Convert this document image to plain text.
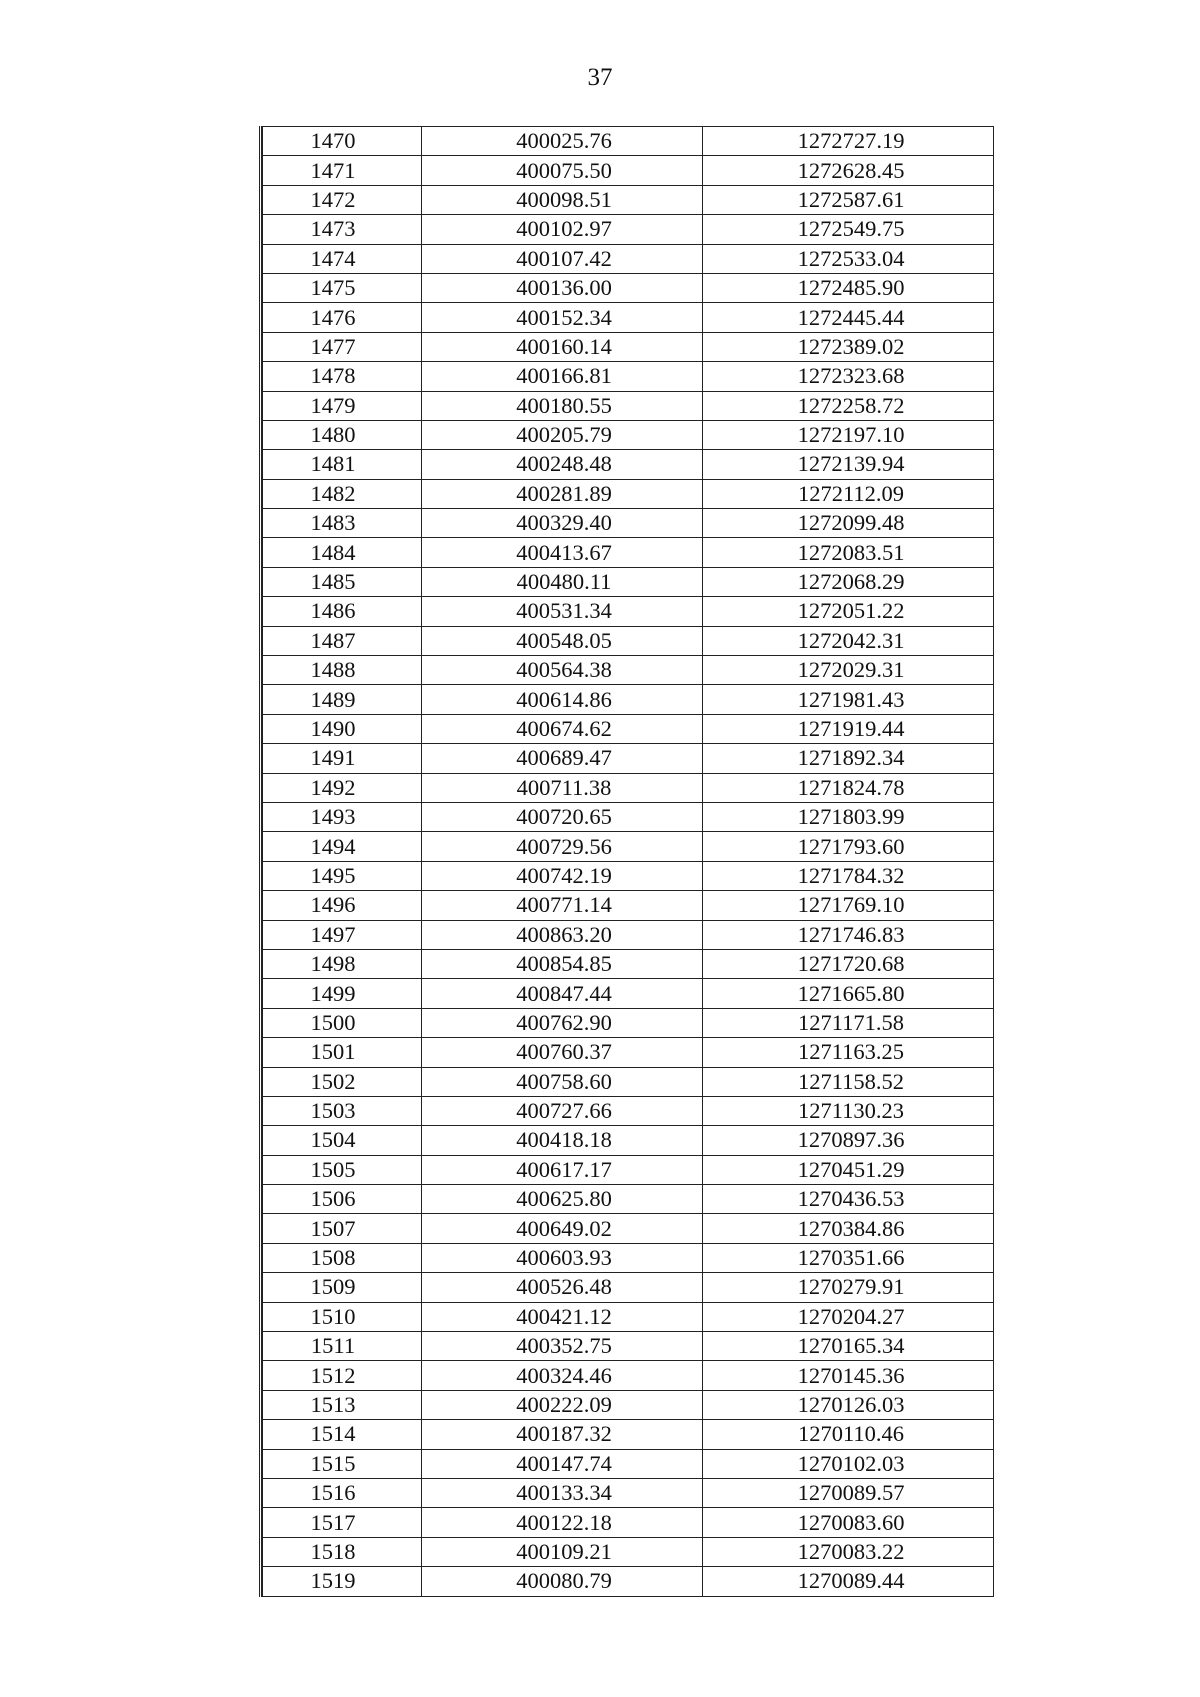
37
1470	400025.76	1272727.19
1471	400075.50	1272628.45
1472	400098.51	1272587.61
1473	400102.97	1272549.75
1474	400107.42	1272533.04
1475	400136.00	1272485.90
1476	400152.34	1272445.44
1477	400160.14	1272389.02
1478	400166.81	1272323.68
1479	400180.55	1272258.72
1480	400205.79	1272197.10
1481	400248.48	1272139.94
1482	400281.89	1272112.09
1483	400329.40	1272099.48
1484	400413.67	1272083.51
1485	400480.11	1272068.29
1486	400531.34	1272051.22
1487	400548.05	1272042.31
1488	400564.38	1272029.31
1489	400614.86	1271981.43
1490	400674.62	1271919.44
1491	400689.47	1271892.34
1492	400711.38	1271824.78
1493	400720.65	1271803.99
1494	400729.56	1271793.60
1495	400742.19	1271784.32
1496	400771.14	1271769.10
1497	400863.20	1271746.83
1498	400854.85	1271720.68
1499	400847.44	1271665.80
1500	400762.90	1271171.58
1501	400760.37	1271163.25
1502	400758.60	1271158.52
1503	400727.66	1271130.23
1504	400418.18	1270897.36
1505	400617.17	1270451.29
1506	400625.80	1270436.53
1507	400649.02	1270384.86
1508	400603.93	1270351.66
1509	400526.48	1270279.91
1510	400421.12	1270204.27
1511	400352.75	1270165.34
1512	400324.46	1270145.36
1513	400222.09	1270126.03
1514	400187.32	1270110.46
1515	400147.74	1270102.03
1516	400133.34	1270089.57
1517	400122.18	1270083.60
1518	400109.21	1270083.22
1519	400080.79	1270089.44
